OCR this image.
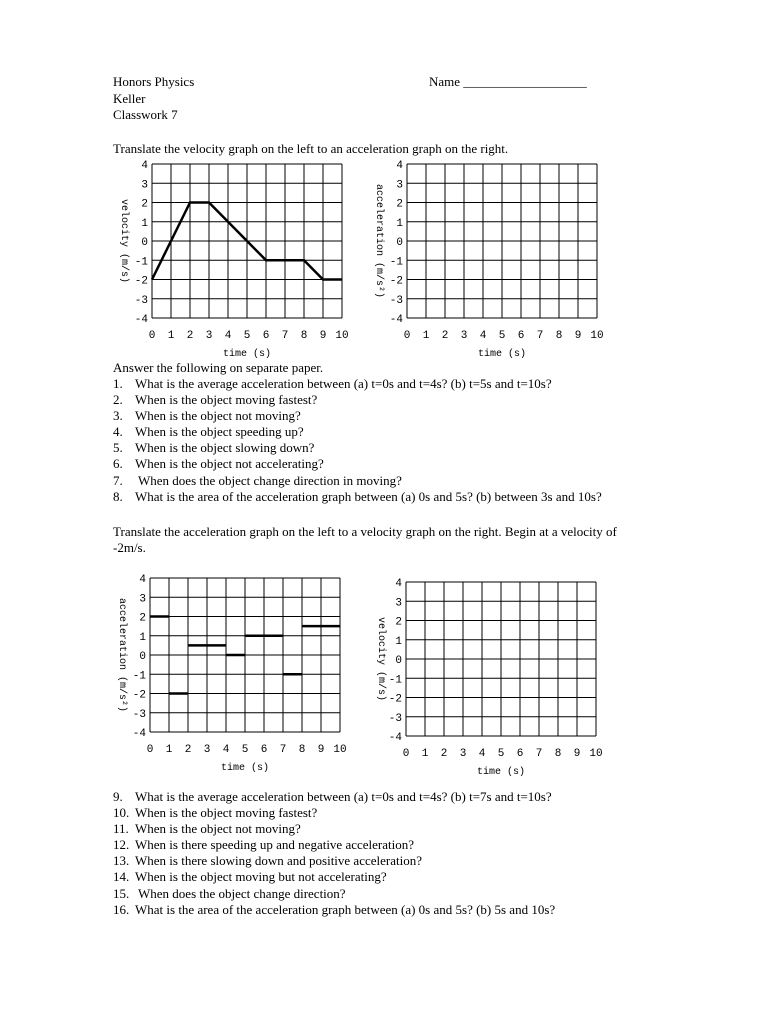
Honors Physics
Keller
Classwork 7
Name ___________________
Translate the velocity graph on the left to an acceleration graph on the right.
4
3
2
1
0
-1
-2
-3
-4
0 1 2 3 4 5 6 7 8 9 10
time (s)
velocity (m/s)
4
3
2
1
0
-1
-2
-3
-4
0 1 2 3 4 5 6 7 8 9 10
time (s)
acceleration (m/s²)
Answer the following on separate paper.
1. What is the average acceleration between (a) t=0s and t=4s? (b) t=5s and t=10s?
2. When is the object moving fastest?
3. When is the object not moving?
4. When is the object speeding up?
5. When is the object slowing down?
6. When is the object not accelerating?
7. When does the object change direction in moving?
8. What is the area of the acceleration graph between (a) 0s and 5s? (b) between 3s and 10s?
Translate the acceleration graph on the left to a velocity graph on the right. Begin at a velocity of
-2m/s.
4
3
2
1
0
-1
-2
-3
-4
0 1 2 3 4 5 6 7 8 9 10
time (s)
acceleration (m/s²)
4
3
2
1
0
-1
-2
-3
-4
0 1 2 3 4 5 6 7 8 9 10
time (s)
velocity (m/s)
9. What is the average acceleration between (a) t=0s and t=4s? (b) t=7s and t=10s?
10. When is the object moving fastest?
11. When is the object not moving?
12. When is there speeding up and negative acceleration?
13. When is there slowing down and positive acceleration?
14. When is the object moving but not accelerating?
15. When does the object change direction?
16. What is the area of the acceleration graph between (a) 0s and 5s? (b) 5s and 10s?
